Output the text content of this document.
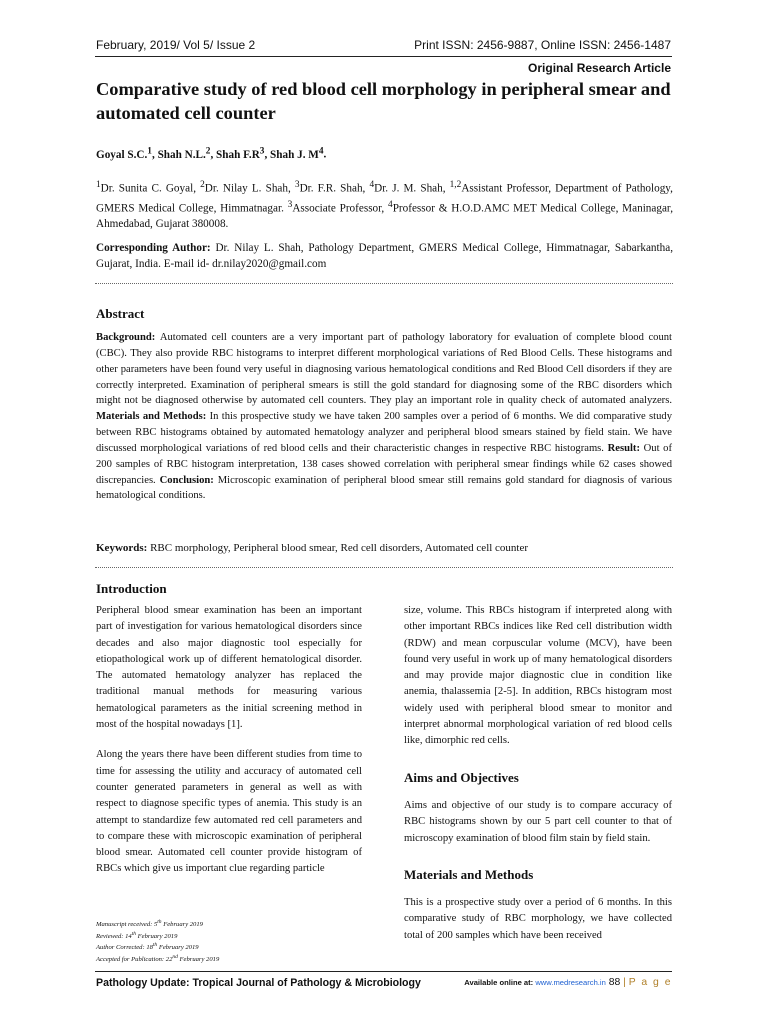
February, 2019/ Vol 5/ Issue 2	Print ISSN: 2456-9887, Online ISSN: 2456-1487
Original Research Article
Comparative study of red blood cell morphology in peripheral smear and automated cell counter
Goyal S.C.$^1$, Shah N.L.$^2$, Shah $F.R^3$, Shah J. $M^4$.
$^1$Dr. Sunita C. Goyal, $^2$Dr. Nilay L. Shah, $^3$Dr. F.R. Shah, $^4$Dr. J. M. Shah, $^{1,2}$Assistant Professor, Department of Pathology, GMERS Medical College, Himmatnagar. $^3$Associate Professor, $^4$Professor & H.O.D.AMC MET Medical College, Maninagar, Ahmedabad, Gujarat 380008.
Corresponding Author: Dr. Nilay L. Shah, Pathology Department, GMERS Medical College, Himmatnagar, Sabarkantha, Gujarat, India. E-mail id- dr.nilay2020@gmail.com
Abstract
Background: Automated cell counters are a very important part of pathology laboratory for evaluation of complete blood count (CBC). They also provide RBC histograms to interpret different morphological variations of Red Blood Cells. These histograms and other parameters have been found very useful in diagnosing various hematological conditions and Red Blood Cell disorders if they are correctly interpreted. Examination of peripheral smears is still the gold standard for diagnosing some of the RBC disorders which might not be diagnosed otherwise by automated cell counters. They play an important role in quality check of automated analyzers. Materials and Methods: In this prospective study we have taken 200 samples over a period of 6 months. We did comparative study between RBC histograms obtained by automated hematology analyzer and peripheral blood smears stained by field stain. We have discussed morphological variations of red blood cells and their characteristic changes in respective RBC histograms. Result: Out of 200 samples of RBC histogram interpretation, 138 cases showed correlation with peripheral smear findings while 62 cases showed discrepancies. Conclusion: Microscopic examination of peripheral blood smear still remains gold standard for diagnosis of various hematological conditions.
Keywords: RBC morphology, Peripheral blood smear, Red cell disorders, Automated cell counter
Introduction

Peripheral blood smear examination has been an important part of investigation for various hematological disorders since decades and also major diagnostic tool especially for etiopathological work up of different hematological disorder. The automated hematology analyzer has replaced the traditional manual methods for measuring various hematological parameters as the initial screening method in most of the hospital nowadays [1].

Along the years there have been different studies from time to time for assessing the utility and accuracy of automated cell counter generated parameters in general as well as with respect to diagnose specific types of anemia. This study is an attempt to standardize few automated red cell parameters and to compare these with microscopic examination of peripheral blood smear. Automated cell counter provide histogram of RBCs which give us important clue regarding particle

size, volume. This RBCs histogram if interpreted along with other important RBCs indices like Red cell distribution width (RDW) and mean corpuscular volume (MCV), have been found very useful in work up of many hematological disorders and may provide major diagnostic clue in condition like anemia, thalassemia [2-5]. In addition, RBCs histogram most widely used with peripheral blood smear to monitor and interpret abnormal morphological variation of red blood cells like, dimorphic red cells.

Aims and Objectives

Aims and objective of our study is to compare accuracy of RBC histograms shown by our 5 part cell counter to that of microscopy examination of blood film stain by field stain.

Materials and Methods

This is a prospective study over a period of 6 months. In this comparative study of RBC morphology, we have collected total of 200 samples which have been received

Manuscript received: 5th February 2019
Reviewed: 14th February 2019
Author Corrected: 18th February 2019
Accepted for Publication: 22nd February 2019
Pathology Update: Tropical Journal of Pathology & Microbiology	Available online at: www.medresearch.in 88 | P a g e
